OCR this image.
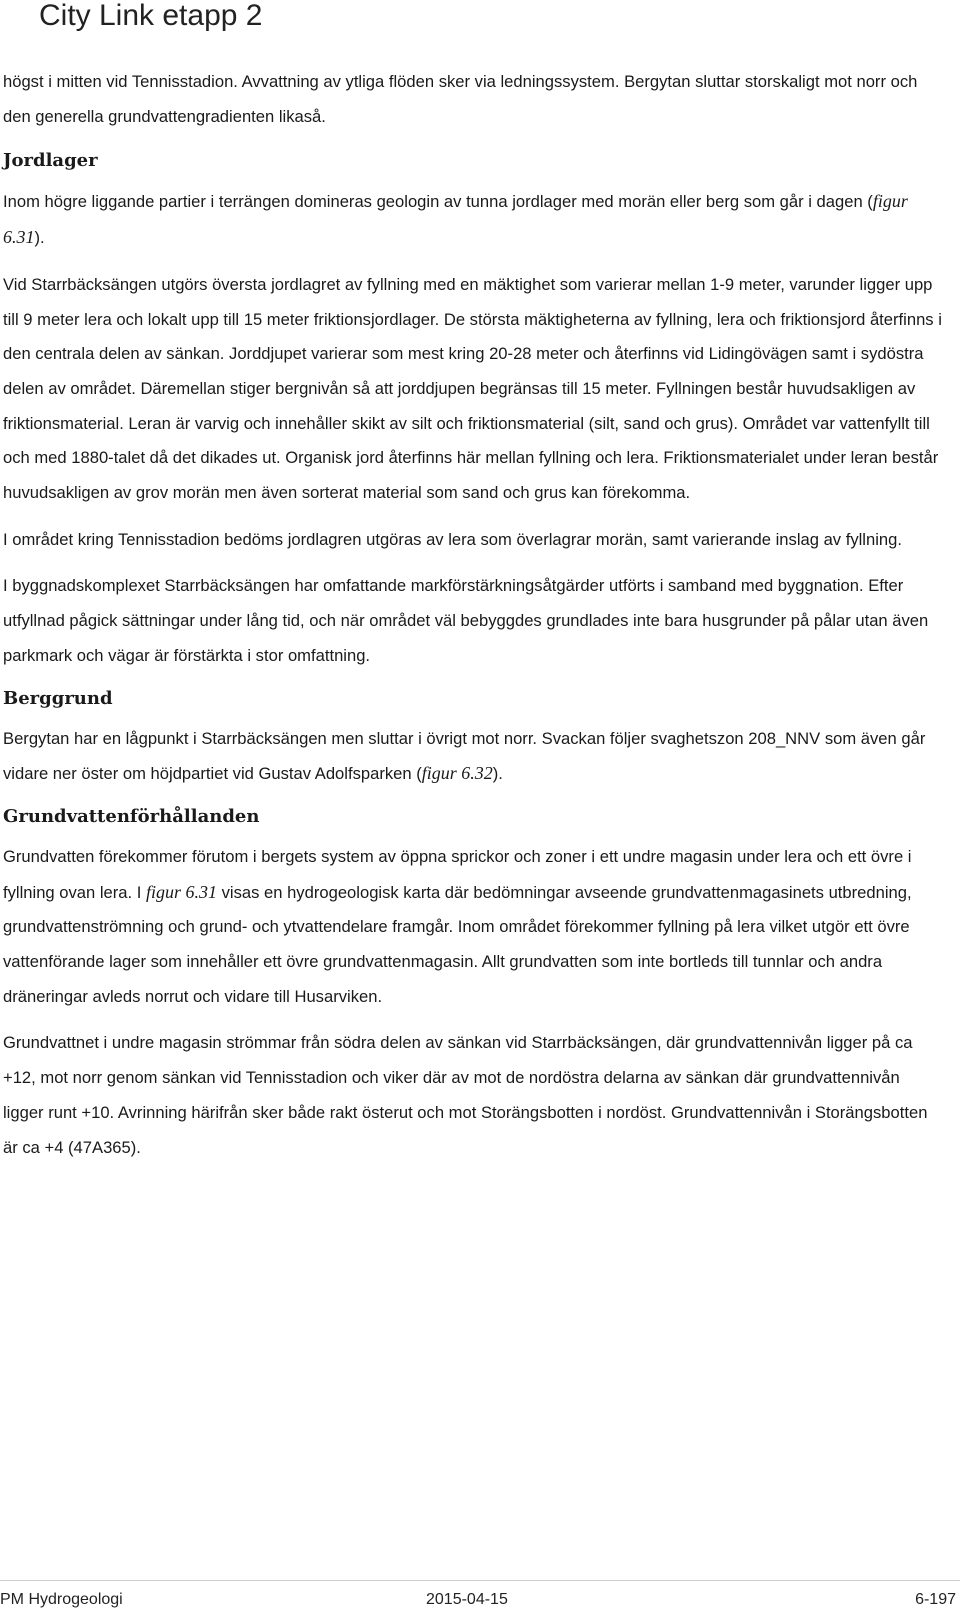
City Link etapp 2

högst i mitten vid Tennisstadion. Avvattning av ytliga flöden sker via ledningssystem. Bergytan sluttar storskaligt mot norr och den generella grundvattengradienten likaså.

Jordlager

Inom högre liggande partier i terrängen domineras geologin av tunna jordlager med morän eller berg som går i dagen (figur 6.31).

Vid Starrbäcksängen utgörs översta jordlagret av fyllning med en mäktighet som varierar mellan 1-9 meter, varunder ligger upp till 9 meter lera och lokalt upp till 15 meter friktionsjordlager. De största mäktigheterna av fyllning, lera och friktionsjord återfinns i den centrala delen av sänkan. Jorddjupet varierar som mest kring 20-28 meter och återfinns vid Lidingövägen samt i sydöstra delen av området. Däremellan stiger bergnivån så att jorddjupen begränsas till 15 meter. Fyllningen består huvudsakligen av friktionsmaterial. Leran är varvig och innehåller skikt av silt och friktionsmaterial (silt, sand och grus). Området var vattenfyllt till och med 1880-talet då det dikades ut. Organisk jord återfinns här mellan fyllning och lera. Friktionsmaterialet under leran består huvudsakligen av grov morän men även sorterat material som sand och grus kan förekomma.

I området kring Tennisstadion bedöms jordlagren utgöras av lera som överlagrar morän, samt varierande inslag av fyllning.

I byggnadskomplexet Starrbäcksängen har omfattande markförstärkningsåtgärder utförts i samband med byggnation. Efter utfyllnad pågick sättningar under lång tid, och när området väl bebyggdes grundlades inte bara husgrunder på pålar utan även parkmark och vägar är förstärkta i stor omfattning.

Berggrund

Bergytan har en lågpunkt i Starrbäcksängen men sluttar i övrigt mot norr. Svackan följer svaghetszon 208_NNV som även går vidare ner öster om höjdpartiet vid Gustav Adolfsparken (figur 6.32).

Grundvattenförhållanden

Grundvatten förekommer förutom i bergets system av öppna sprickor och zoner i ett undre magasin under lera och ett övre i fyllning ovan lera. I figur 6.31 visas en hydrogeologisk karta där bedömningar avseende grundvattenmagasinets utbredning, grundvattenströmning och grund- och ytvattendelare framgår. Inom området förekommer fyllning på lera vilket utgör ett övre vattenförande lager som innehåller ett övre grundvattenmagasin. Allt grundvatten som inte bortleds till tunnlar och andra dräneringar avleds norrut och vidare till Husarviken.

Grundvattnet i undre magasin strömmar från södra delen av sänkan vid Starrbäcksängen, där grundvattennivån ligger på ca +12, mot norr genom sänkan vid Tennisstadion och viker där av mot de nordöstra delarna av sänkan där grundvattennivån ligger runt +10. Avrinning härifrån sker både rakt österut och mot Storängsbotten i nordöst. Grundvattennivån i Storängsbotten är ca +4 (47A365).

PM Hydrogeologi	2015-04-15	6-197
